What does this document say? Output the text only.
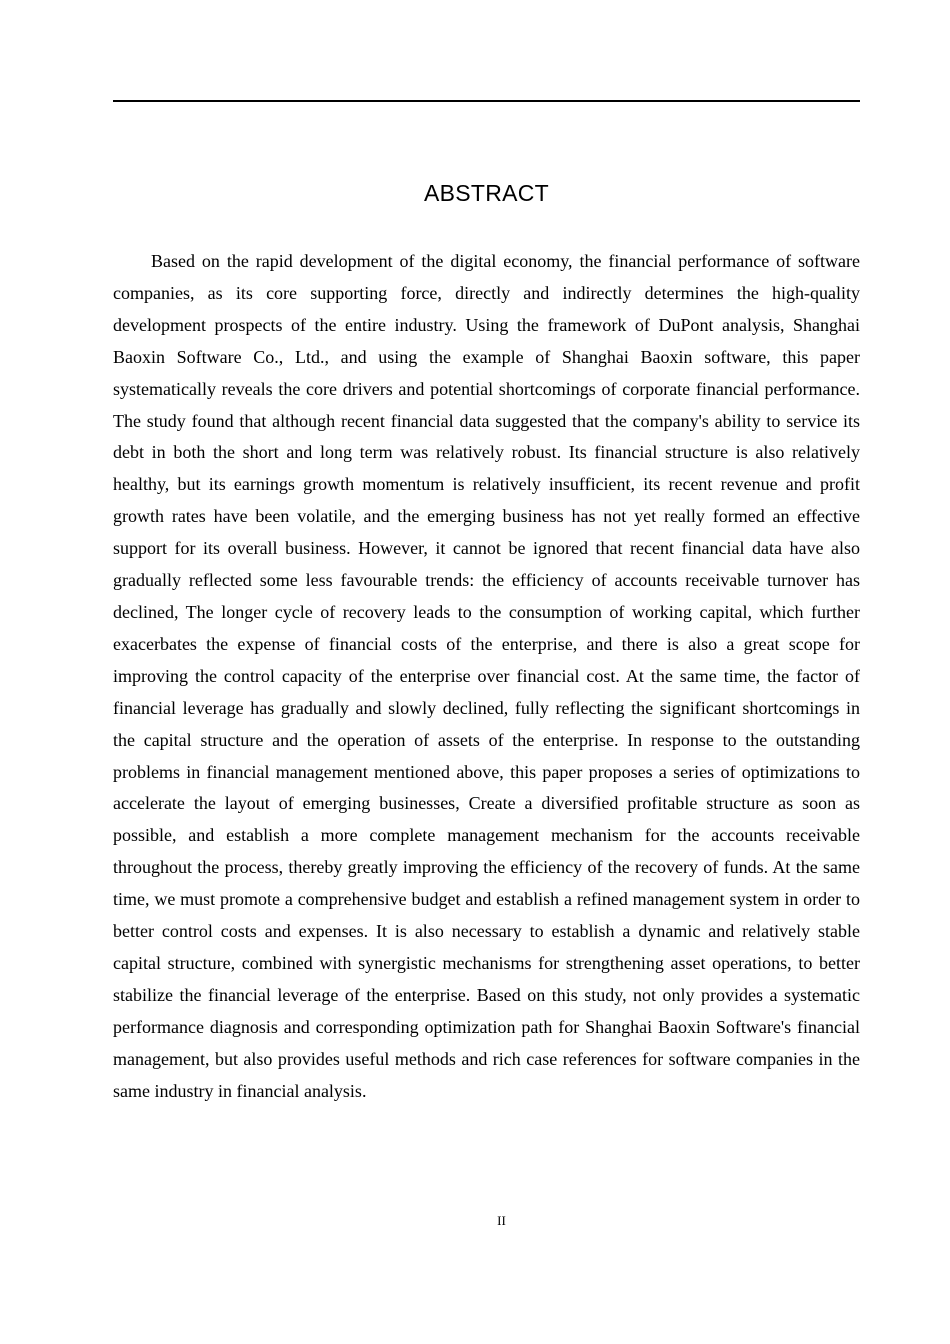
ABSTRACT

Based on the rapid development of the digital economy, the financial performance of software companies, as its core supporting force, directly and indirectly determines the high-quality development prospects of the entire industry. Using the framework of DuPont analysis, Shanghai Baoxin Software Co., Ltd., and using the example of Shanghai Baoxin software, this paper systematically reveals the core drivers and potential shortcomings of corporate financial performance. The study found that although recent financial data suggested that the company's ability to service its debt in both the short and long term was relatively robust. Its financial structure is also relatively healthy, but its earnings growth momentum is relatively insufficient, its recent revenue and profit growth rates have been volatile, and the emerging business has not yet really formed an effective support for its overall business. However, it cannot be ignored that recent financial data have also gradually reflected some less favourable trends: the efficiency of accounts receivable turnover has declined, The longer cycle of recovery leads to the consumption of working capital, which further exacerbates the expense of financial costs of the enterprise, and there is also a great scope for improving the control capacity of the enterprise over financial cost. At the same time, the factor of financial leverage has gradually and slowly declined, fully reflecting the significant shortcomings in the capital structure and the operation of assets of the enterprise. In response to the outstanding problems in financial management mentioned above, this paper proposes a series of optimizations to accelerate the layout of emerging businesses, Create a diversified profitable structure as soon as possible, and establish a more complete management mechanism for the accounts receivable throughout the process, thereby greatly improving the efficiency of the recovery of funds. At the same time, we must promote a comprehensive budget and establish a refined management system in order to better control costs and expenses. It is also necessary to establish a dynamic and relatively stable capital structure, combined with synergistic mechanisms for strengthening asset operations, to better stabilize the financial leverage of the enterprise. Based on this study, not only provides a systematic performance diagnosis and corresponding optimization path for Shanghai Baoxin Software's financial management, but also provides useful methods and rich case references for software companies in the same industry in financial analysis.

II
